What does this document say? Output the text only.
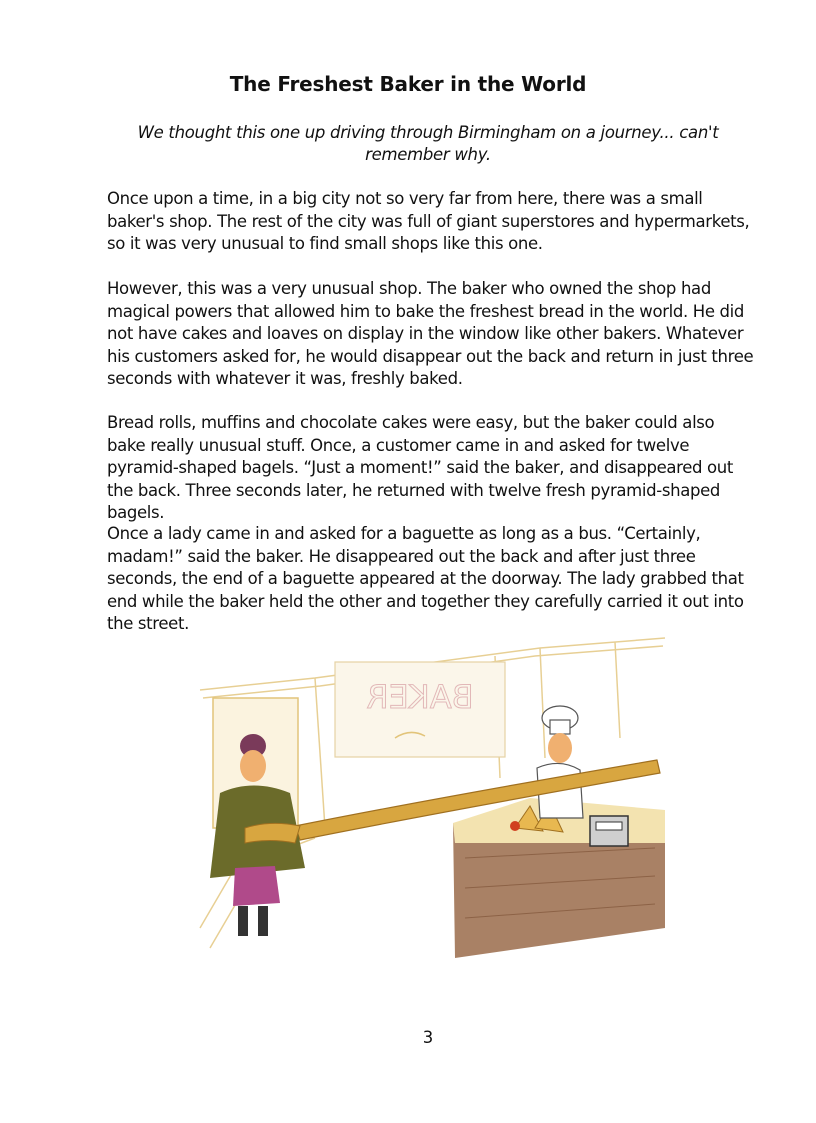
The Freshest Baker in the World
We thought this one up driving through Birmingham on a journey... can't remember why.

Once upon a time, in a big city not so very far from here, there was a small baker's shop. The rest of the city was full of giant superstores and hypermarkets, so it was very unusual to find small shops like this one.

However, this was a very unusual shop. The baker who owned the shop had magical powers that allowed him to bake the freshest bread in the world. He did not have cakes and loaves on display in the window like other bakers. Whatever his customers asked for, he would disappear out the back and return in just three seconds with whatever it was, freshly baked.

Bread rolls, muffins and chocolate cakes were easy, but the baker could also bake really unusual stuff. Once, a customer came in and asked for twelve pyramid-shaped bagels. “Just a moment!” said the baker, and disappeared out the back. Three seconds later, he returned with twelve fresh pyramid-shaped bagels.

Once a lady came in and asked for a baguette as long as a bus. “Certainly, madam!” said the baker. He disappeared out the back and after just three seconds, the end of a baguette appeared at the doorway. The lady grabbed that end while the baker held the other and together they carefully carried it out into the street.

BAKER
3
